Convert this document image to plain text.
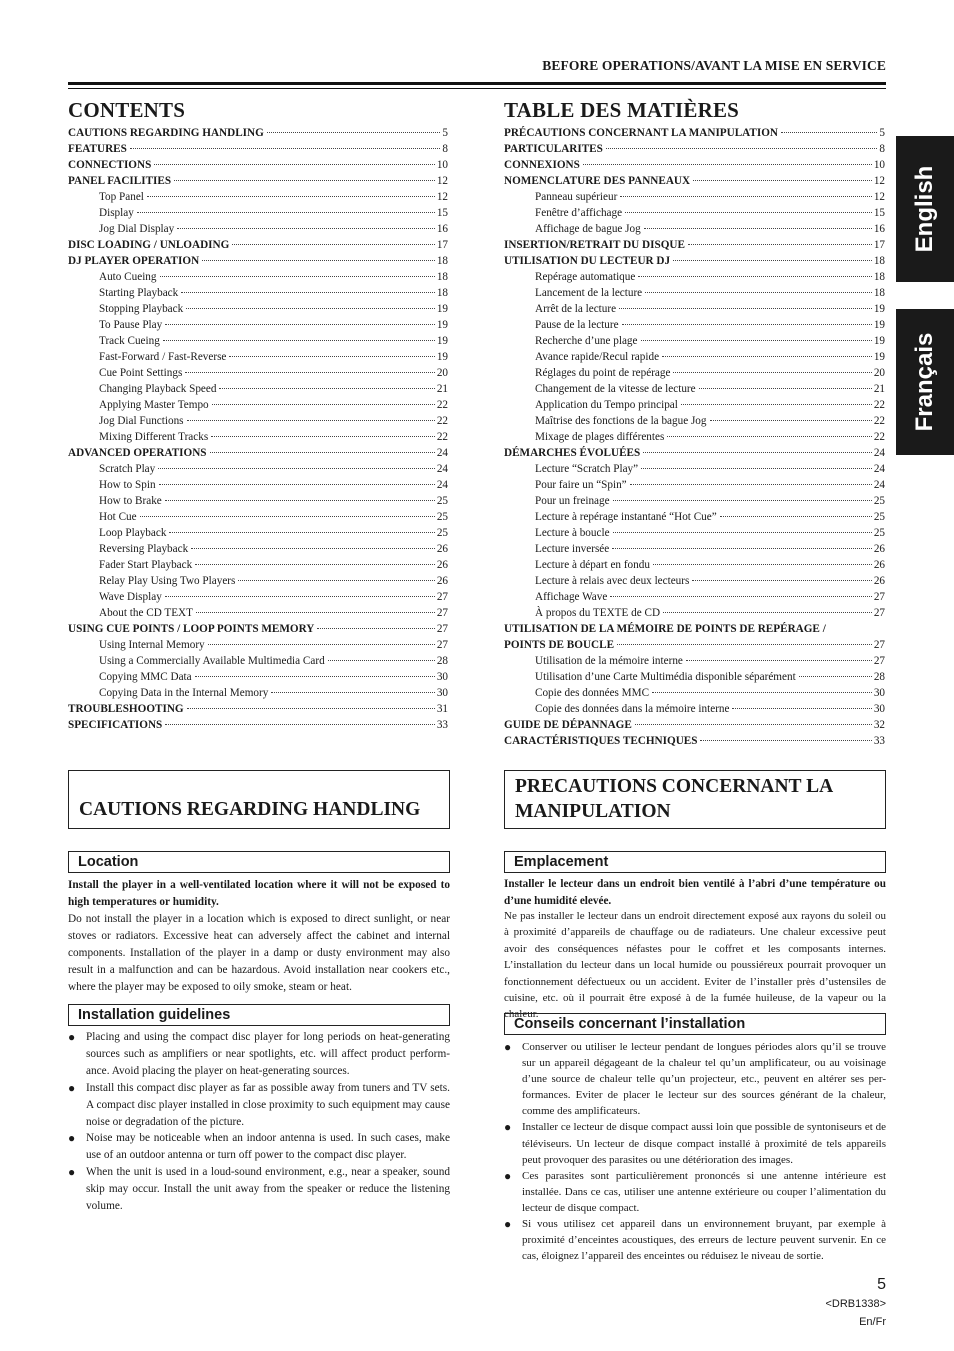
BEFORE OPERATIONS/AVANT LA MISE EN SERVICE
English
Français
CONTENTS
CAUTIONS REGARDING HANDLING	5
FEATURES	8
CONNECTIONS	10
PANEL FACILITIES	12
Top Panel	12
Display	15
Jog Dial Display	16
DISC LOADING / UNLOADING	17
DJ PLAYER OPERATION	18
Auto Cueing	18
Starting Playback	18
Stopping Playback	19
To Pause Play	19
Track Cueing	19
Fast-Forward / Fast-Reverse	19
Cue Point Settings	20
Changing Playback Speed	21
Applying Master Tempo	22
Jog Dial Functions	22
Mixing Different Tracks	22
ADVANCED OPERATIONS	24
Scratch Play	24
How to Spin	24
How to Brake	25
Hot Cue	25
Loop Playback	25
Reversing Playback	26
Fader Start Playback	26
Relay Play Using Two Players	26
Wave Display	27
About the CD TEXT	27
USING CUE POINTS / LOOP POINTS MEMORY	27
Using Internal Memory	27
Using a Commercially Available Multimedia Card	28
Copying MMC Data	30
Copying Data in the Internal Memory	30
TROUBLESHOOTING	31
SPECIFICATIONS	33
TABLE DES MATIÈRES
PRÉCAUTIONS CONCERNANT LA MANIPULATION	5
PARTICULARITES	8
CONNEXIONS	10
NOMENCLATURE DES PANNEAUX	12
Panneau supérieur	12
Fenêtre d’affichage	15
Affichage de bague Jog	16
INSERTION/RETRAIT DU DISQUE	17
UTILISATION DU LECTEUR DJ	18
Repérage automatique	18
Lancement de la lecture	18
Arrêt de la lecture	19
Pause de la lecture	19
Recherche d’une plage	19
Avance rapide/Recul rapide	19
Réglages du point de repérage	20
Changement de la vitesse de lecture	21
Application du Tempo principal	22
Maîtrise des fonctions de la bague Jog	22
Mixage de plages différentes	22
DÉMARCHES ÉVOLUÉES	24
Lecture “Scratch Play”	24
Pour faire un “Spin”	24
Pour un freinage	25
Lecture à repérage instantané “Hot Cue”	25
Lecture à boucle	25
Lecture inversée	26
Lecture à départ en fondu	26
Lecture à relais avec deux lecteurs	26
Affichage Wave	27
À propos du TEXTE de CD	27
UTILISATION DE LA MÉMOIRE DE POINTS DE REPÉRAGE /
POINTS DE BOUCLE	27
Utilisation de la mémoire interne	27
Utilisation d’une Carte Multimédia disponible séparément	28
Copie des données MMC	30
Copie des données dans la mémoire interne	30
GUIDE DE DÉPANNAGE	32
CARACTÉRISTIQUES TECHNIQUES	33
CAUTIONS REGARDING HANDLING
Location

Install the player in a well-ventilated location where it will not be exposed to high temperatures or humidity.

Do not install the player in a location which is exposed to direct sunlight, or near stoves or radiators. Excessive heat can adversely affect the cabinet and internal components. Installation of the player in a damp or dusty environment may also result in a malfunction and can be hazardous. Avoid installation near cookers etc., where the player may be exposed to oily smoke, steam or heat.

Installation guidelines
● Placing and using the compact disc player for long periods on heat-generating sources such as amplifiers or near spotlights, etc. will affect product perform-ance. Avoid placing the player on heat-generating sources.
● Install this compact disc player as far as possible away from tuners and TV sets. A compact disc player installed in close proximity to such equipment may cause noise or degradation of the picture.
● Noise may be noticeable when an indoor antenna is used. In such cases, make use of an outdoor antenna or turn off power to the compact disc player.
● When the unit is used in a loud-sound environment, e.g., near a speaker, sound skip may occur. Install the unit away from the speaker or reduce the listening volume.
PRECAUTIONS CONCERNANT LA
MANIPULATION
Emplacement

Installer le lecteur dans un endroit bien ventilé à l’abri d’une température ou d’une humidité elevée.

Ne pas installer le lecteur dans un endroit directement exposé aux rayons du soleil ou à proximité d’appareils de chauffage ou de radiateurs. Une chaleur excessive peut avoir des conséquences néfastes pour le coffret et les composants internes. L’installation du lecteur dans un local humide ou poussiéreux pourrait provoquer un fonctionnement défectueux ou un accident. Eviter de l’installer près d’ustensiles de cuisine, etc. où il pourrait être exposé à de la fumée huileuse, de la vapeur ou la chaleur.

Conseils concernant l’installation
● Conserver ou utiliser le lecteur pendant de longues périodes alors qu’il se trouve sur un appareil dégageant de la chaleur tel qu’un amplificateur, ou au voisinage d’une source de chaleur telle qu’un projecteur, etc., peuvent en altérer ses per-formances. Eviter de placer le lecteur sur des sources générant de la chaleur, comme des amplificateurs.
● Installer ce lecteur de disque compact aussi loin que possible de syntoniseurs et de téléviseurs. Un lecteur de disque compact installé à proximité de tels appareils peut provoquer des parasites ou une détérioration des images.
● Ces parasites sont particulièrement prononcés si une antenne intérieure est installée. Dans ce cas, utiliser une antenne extérieure ou couper l’alimentation du lecteur de disque compact.
● Si vous utilisez cet appareil dans un environnement bruyant, par exemple à proximité d’enceintes acoustiques, des erreurs de lecture peuvent survenir. En ce cas, éloignez l’appareil des enceintes ou réduisez le niveau de sortie.
5
<DRB1338>
En/Fr
